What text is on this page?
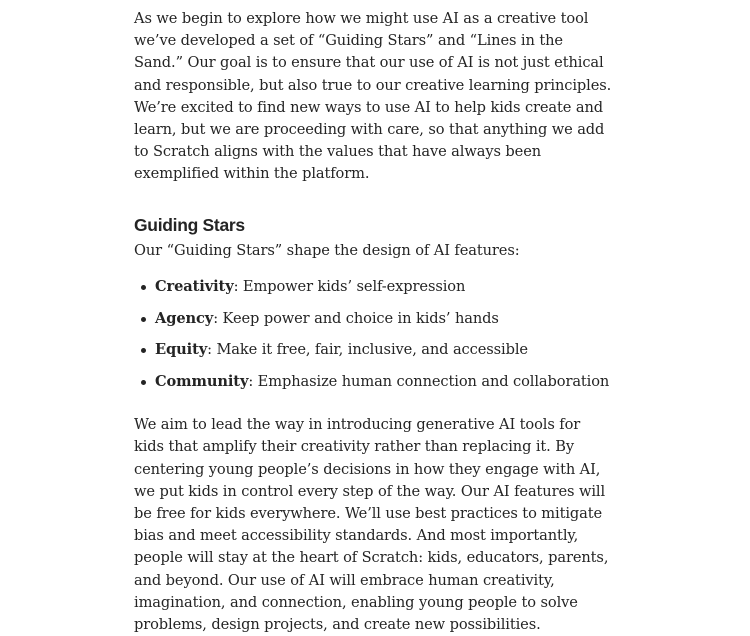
As we begin to explore how we might use AI as a creative tool we’ve developed a set of “Guiding Stars” and “Lines in the Sand.” Our goal is to ensure that our use of AI is not just ethical and responsible, but also true to our creative learning principles. We’re excited to find new ways to use AI to help kids create and learn, but we are proceeding with care, so that anything we add to Scratch aligns with the values that have always been exemplified within the platform.

Guiding Stars

Our “Guiding Stars” shape the design of AI features:

Creativity: Empower kids’ self-expression
Agency: Keep power and choice in kids’ hands
Equity: Make it free, fair, inclusive, and accessible
Community: Emphasize human connection and collaboration

We aim to lead the way in introducing generative AI tools for kids that amplify their creativity rather than replacing it. By centering young people’s decisions in how they engage with AI, we put kids in control every step of the way. Our AI features will be free for kids everywhere. We’ll use best practices to mitigate bias and meet accessibility standards. And most importantly, people will stay at the heart of Scratch: kids, educators, parents, and beyond. Our use of AI will embrace human creativity, imagination, and connection, enabling young people to solve problems, design projects, and create new possibilities.
